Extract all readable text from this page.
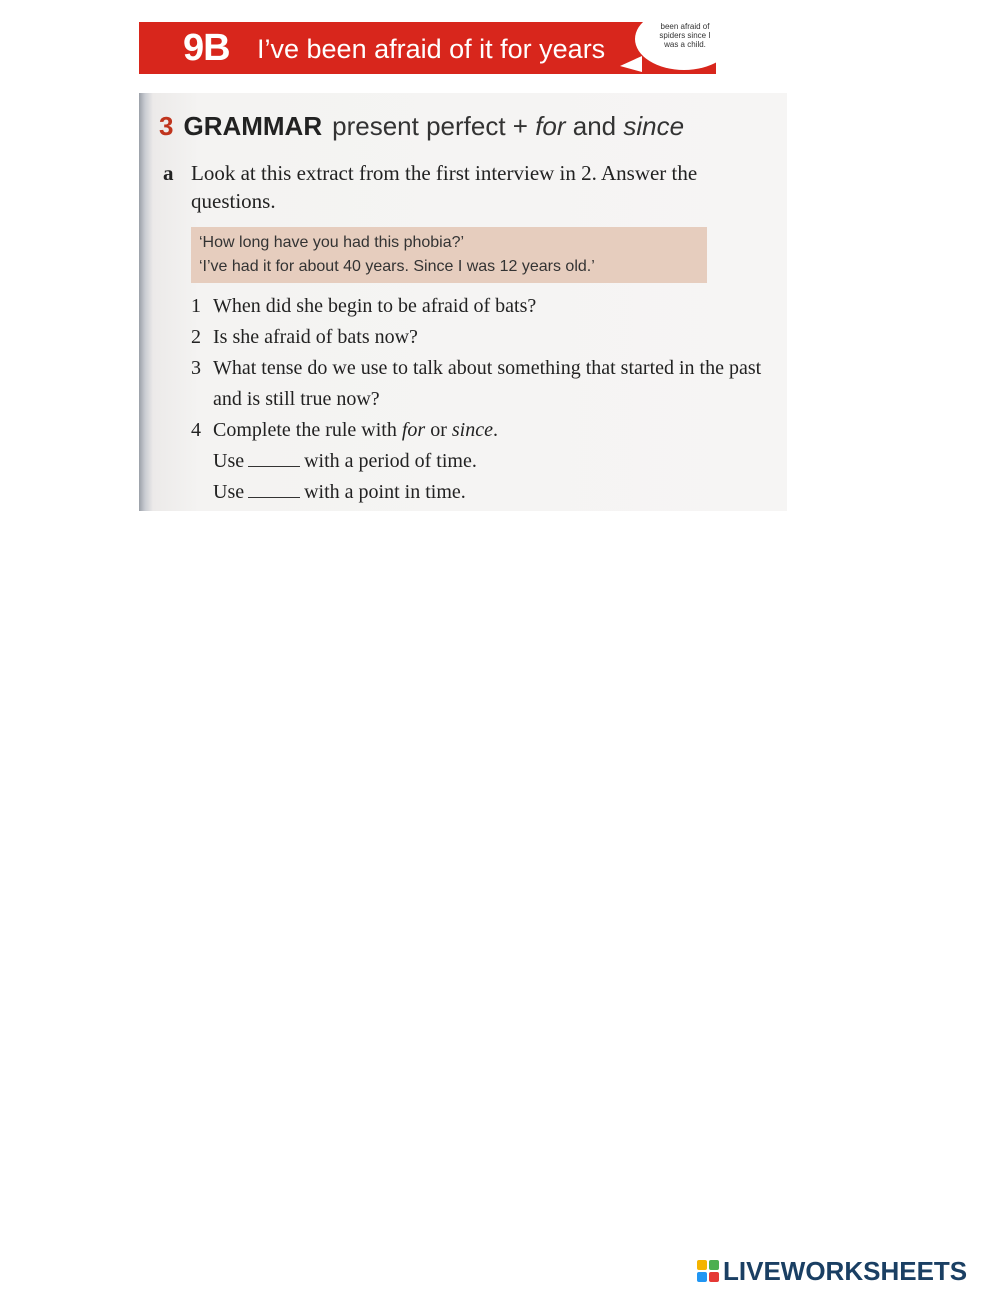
9B I’ve been afraid of it for years
been afraid of
spiders since I
was a child.
3 GRAMMAR present perfect + for and since
a Look at this extract from the first interview in 2. Answer the questions.
‘How long have you had this phobia?’
‘I’ve had it for about 40 years. Since I was 12 years old.’
1 When did she begin to be afraid of bats?
2 Is she afraid of bats now?
3 What tense do we use to talk about something that started in the past and is still true now?
4 Complete the rule with for or since.
Use	with a period of time.
Use	with a point in time.
LIVEWORKSHEETS
